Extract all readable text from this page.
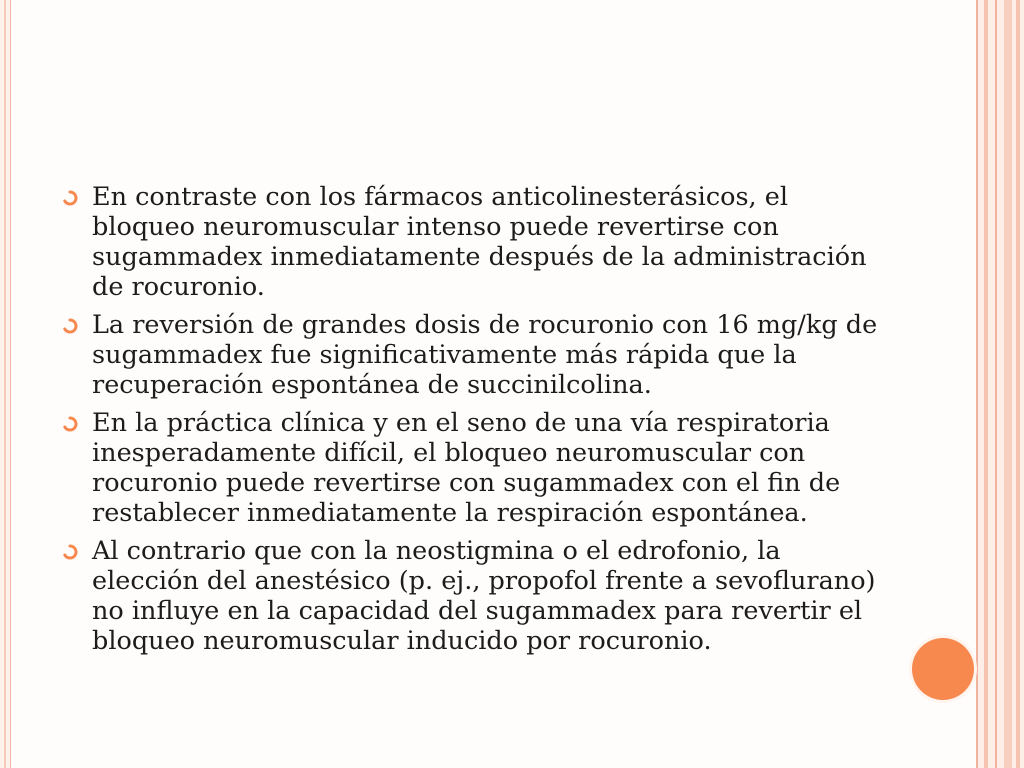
En contraste con los fármacos anticolinesterásicos, el bloqueo neuromuscular intenso puede revertirse con sugammadex inmediatamente después de la administración de rocuronio.
La reversión de grandes dosis de rocuronio con 16 mg/kg de sugammadex fue significativamente más rápida que la recuperación espontánea de succinilcolina.
En la práctica clínica y en el seno de una vía respiratoria inesperadamente difícil, el bloqueo neuromuscular con rocuronio puede revertirse con sugammadex con el fin de restablecer inmediatamente la respiración espontánea.
Al contrario que con la neostigmina o el edrofonio, la elección del anestésico (p. ej., propofol frente a sevoflurano) no influye en la capacidad del sugammadex para revertir el bloqueo neuromuscular inducido por rocuronio.
